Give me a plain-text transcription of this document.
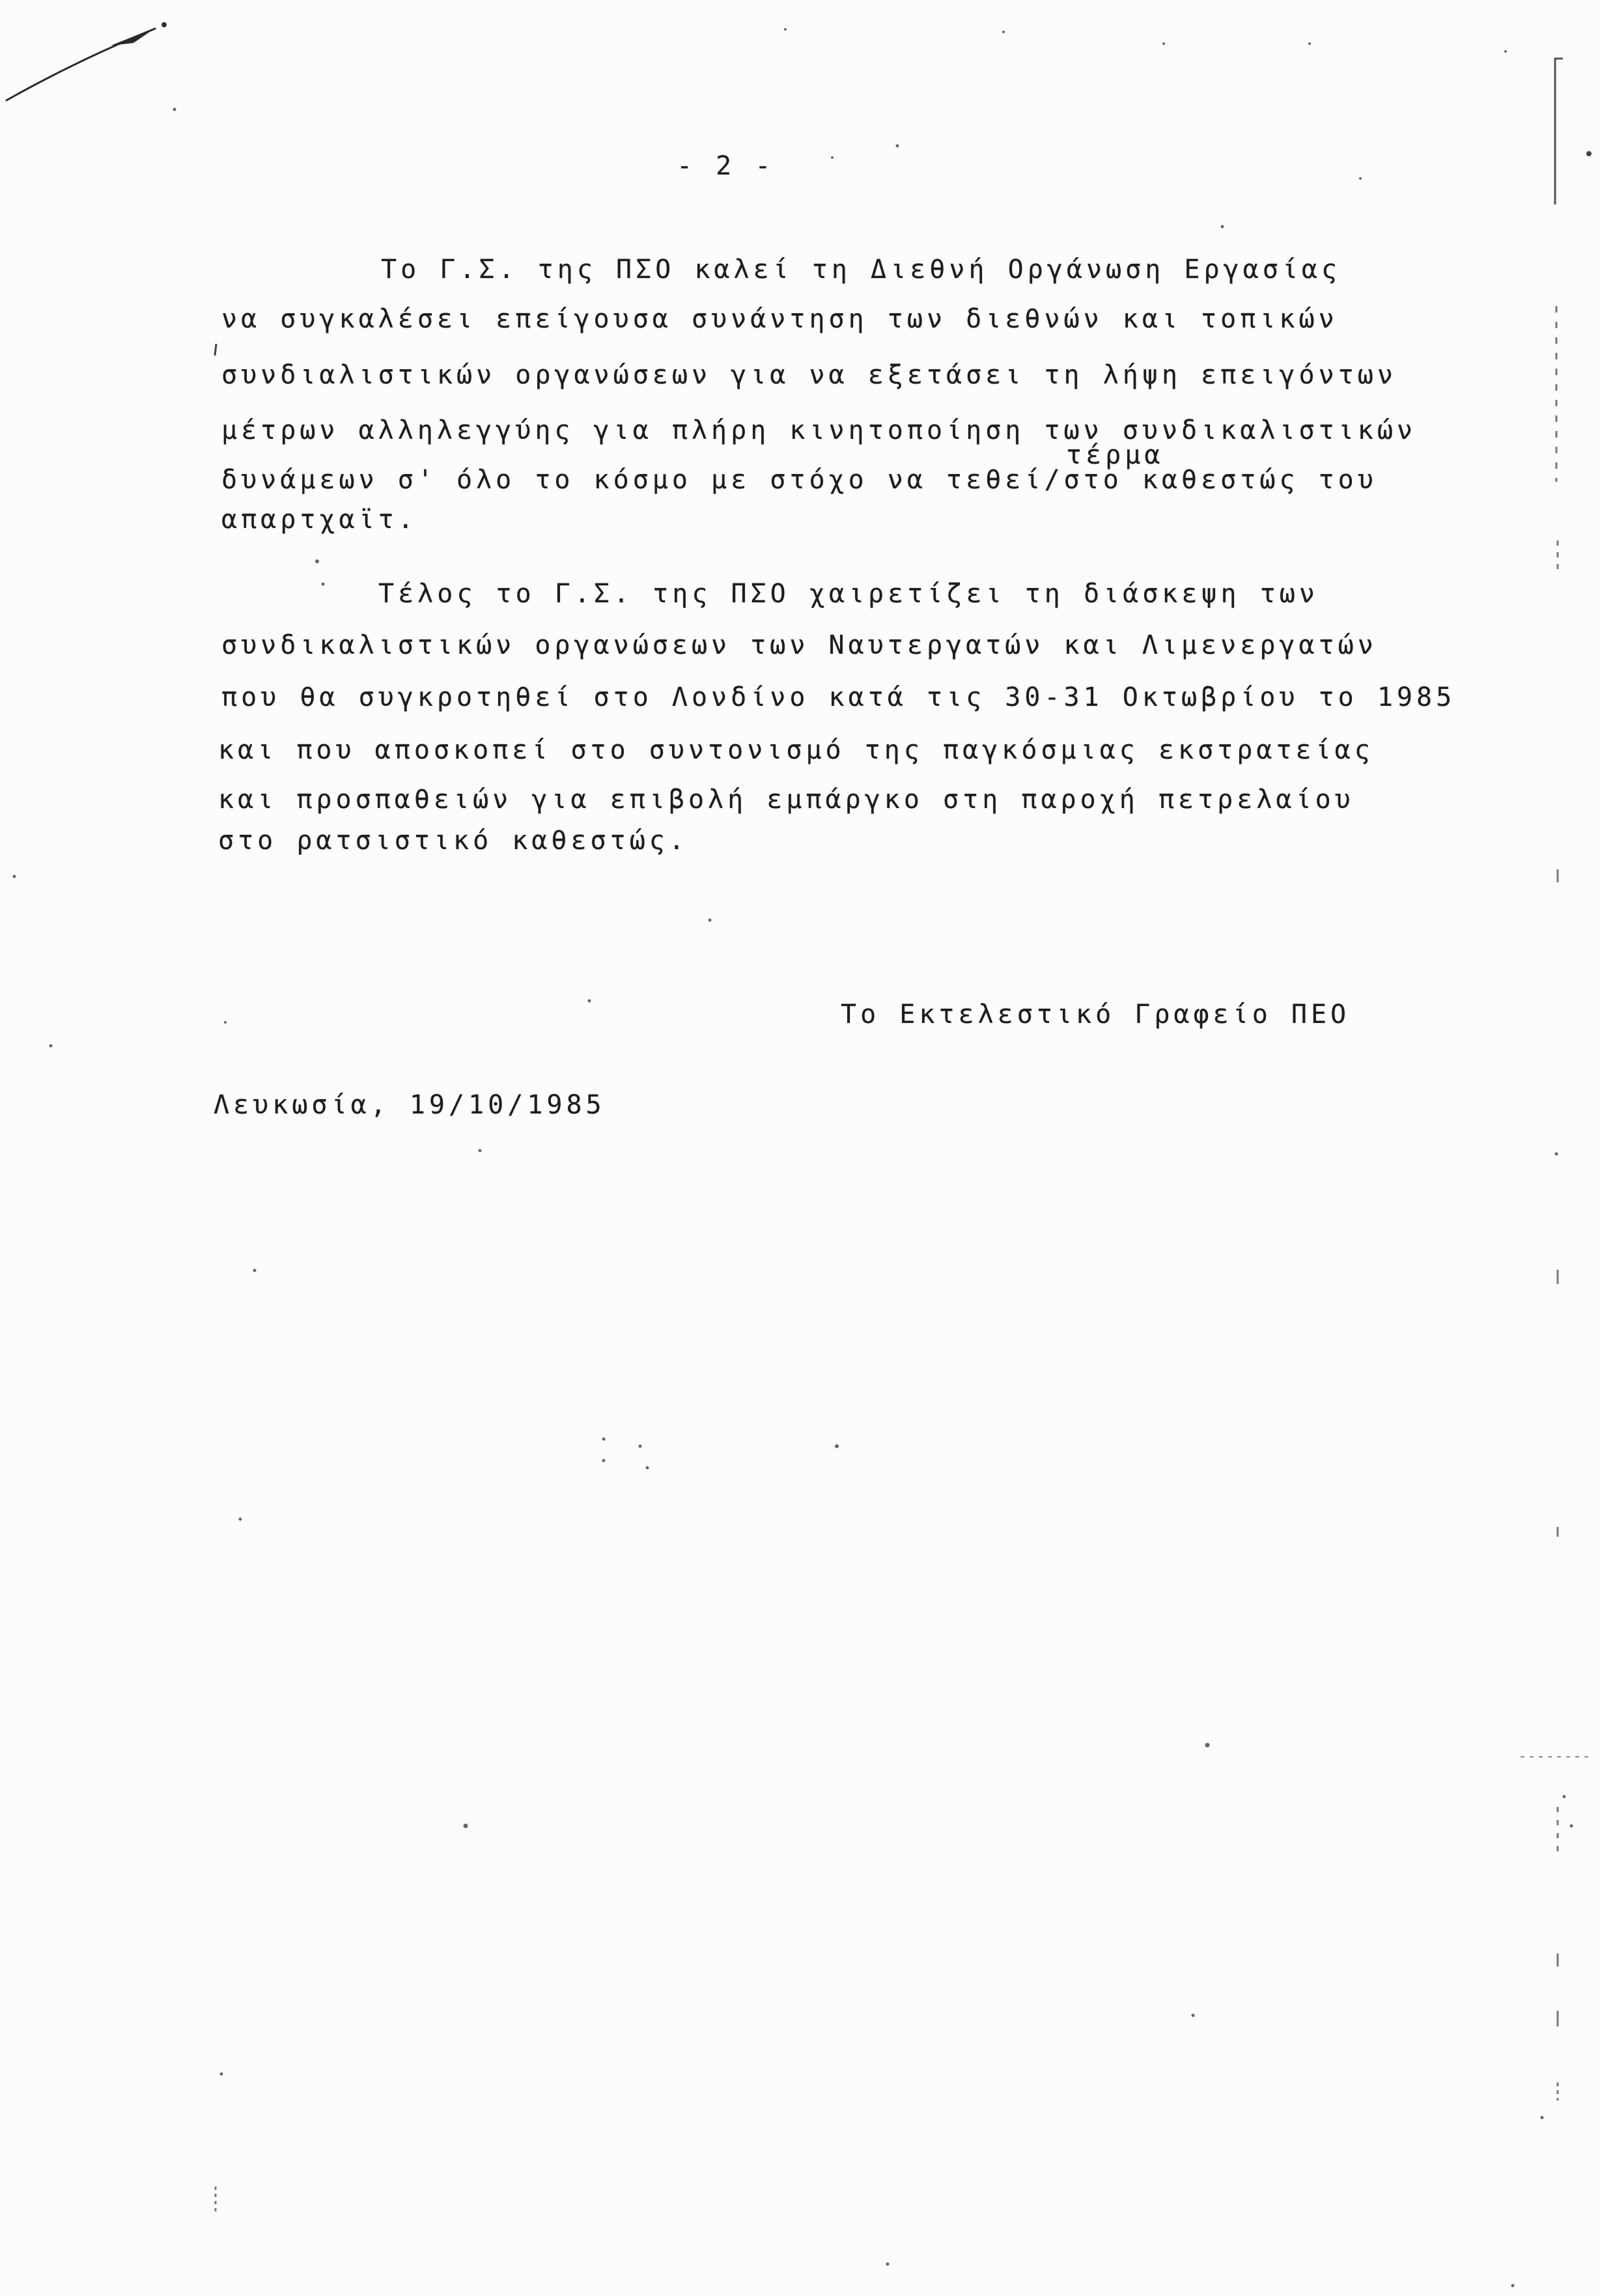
- 2 -
Το Γ.Σ. της ΠΣΟ καλεί τη Διεθνή Οργάνωση Εργασίας
να συγκαλέσει επείγουσα συνάντηση των διεθνών και τοπικών
συνδιαλιστικών οργανώσεων για να εξετάσει τη λήψη επειγόντων
μέτρων αλληλεγγύης για πλήρη κινητοποίηση των συνδικαλιστικών
τέρμα
δυνάμεων σ' όλο το κόσμο με στόχο να τεθεί/στο καθεστώς του
απαρτχαϊτ.
Τέλος το Γ.Σ. της ΠΣΟ χαιρετίζει τη διάσκεψη των
συνδικαλιστικών οργανώσεων των Ναυτεργατών και Λιμενεργατών
που θα συγκροτηθεί στο Λονδίνο κατά τις 30-31 Οκτωβρίου το 1985
και που αποσκοπεί στο συντονισμό της παγκόσμιας εκστρατείας
και προσπαθειών για επιβολή εμπάργκο στη παροχή πετρελαίου
στο ρατσιστικό καθεστώς.
Το Εκτελεστικό Γραφείο ΠΕΟ
Λευκωσία, 19/10/1985
